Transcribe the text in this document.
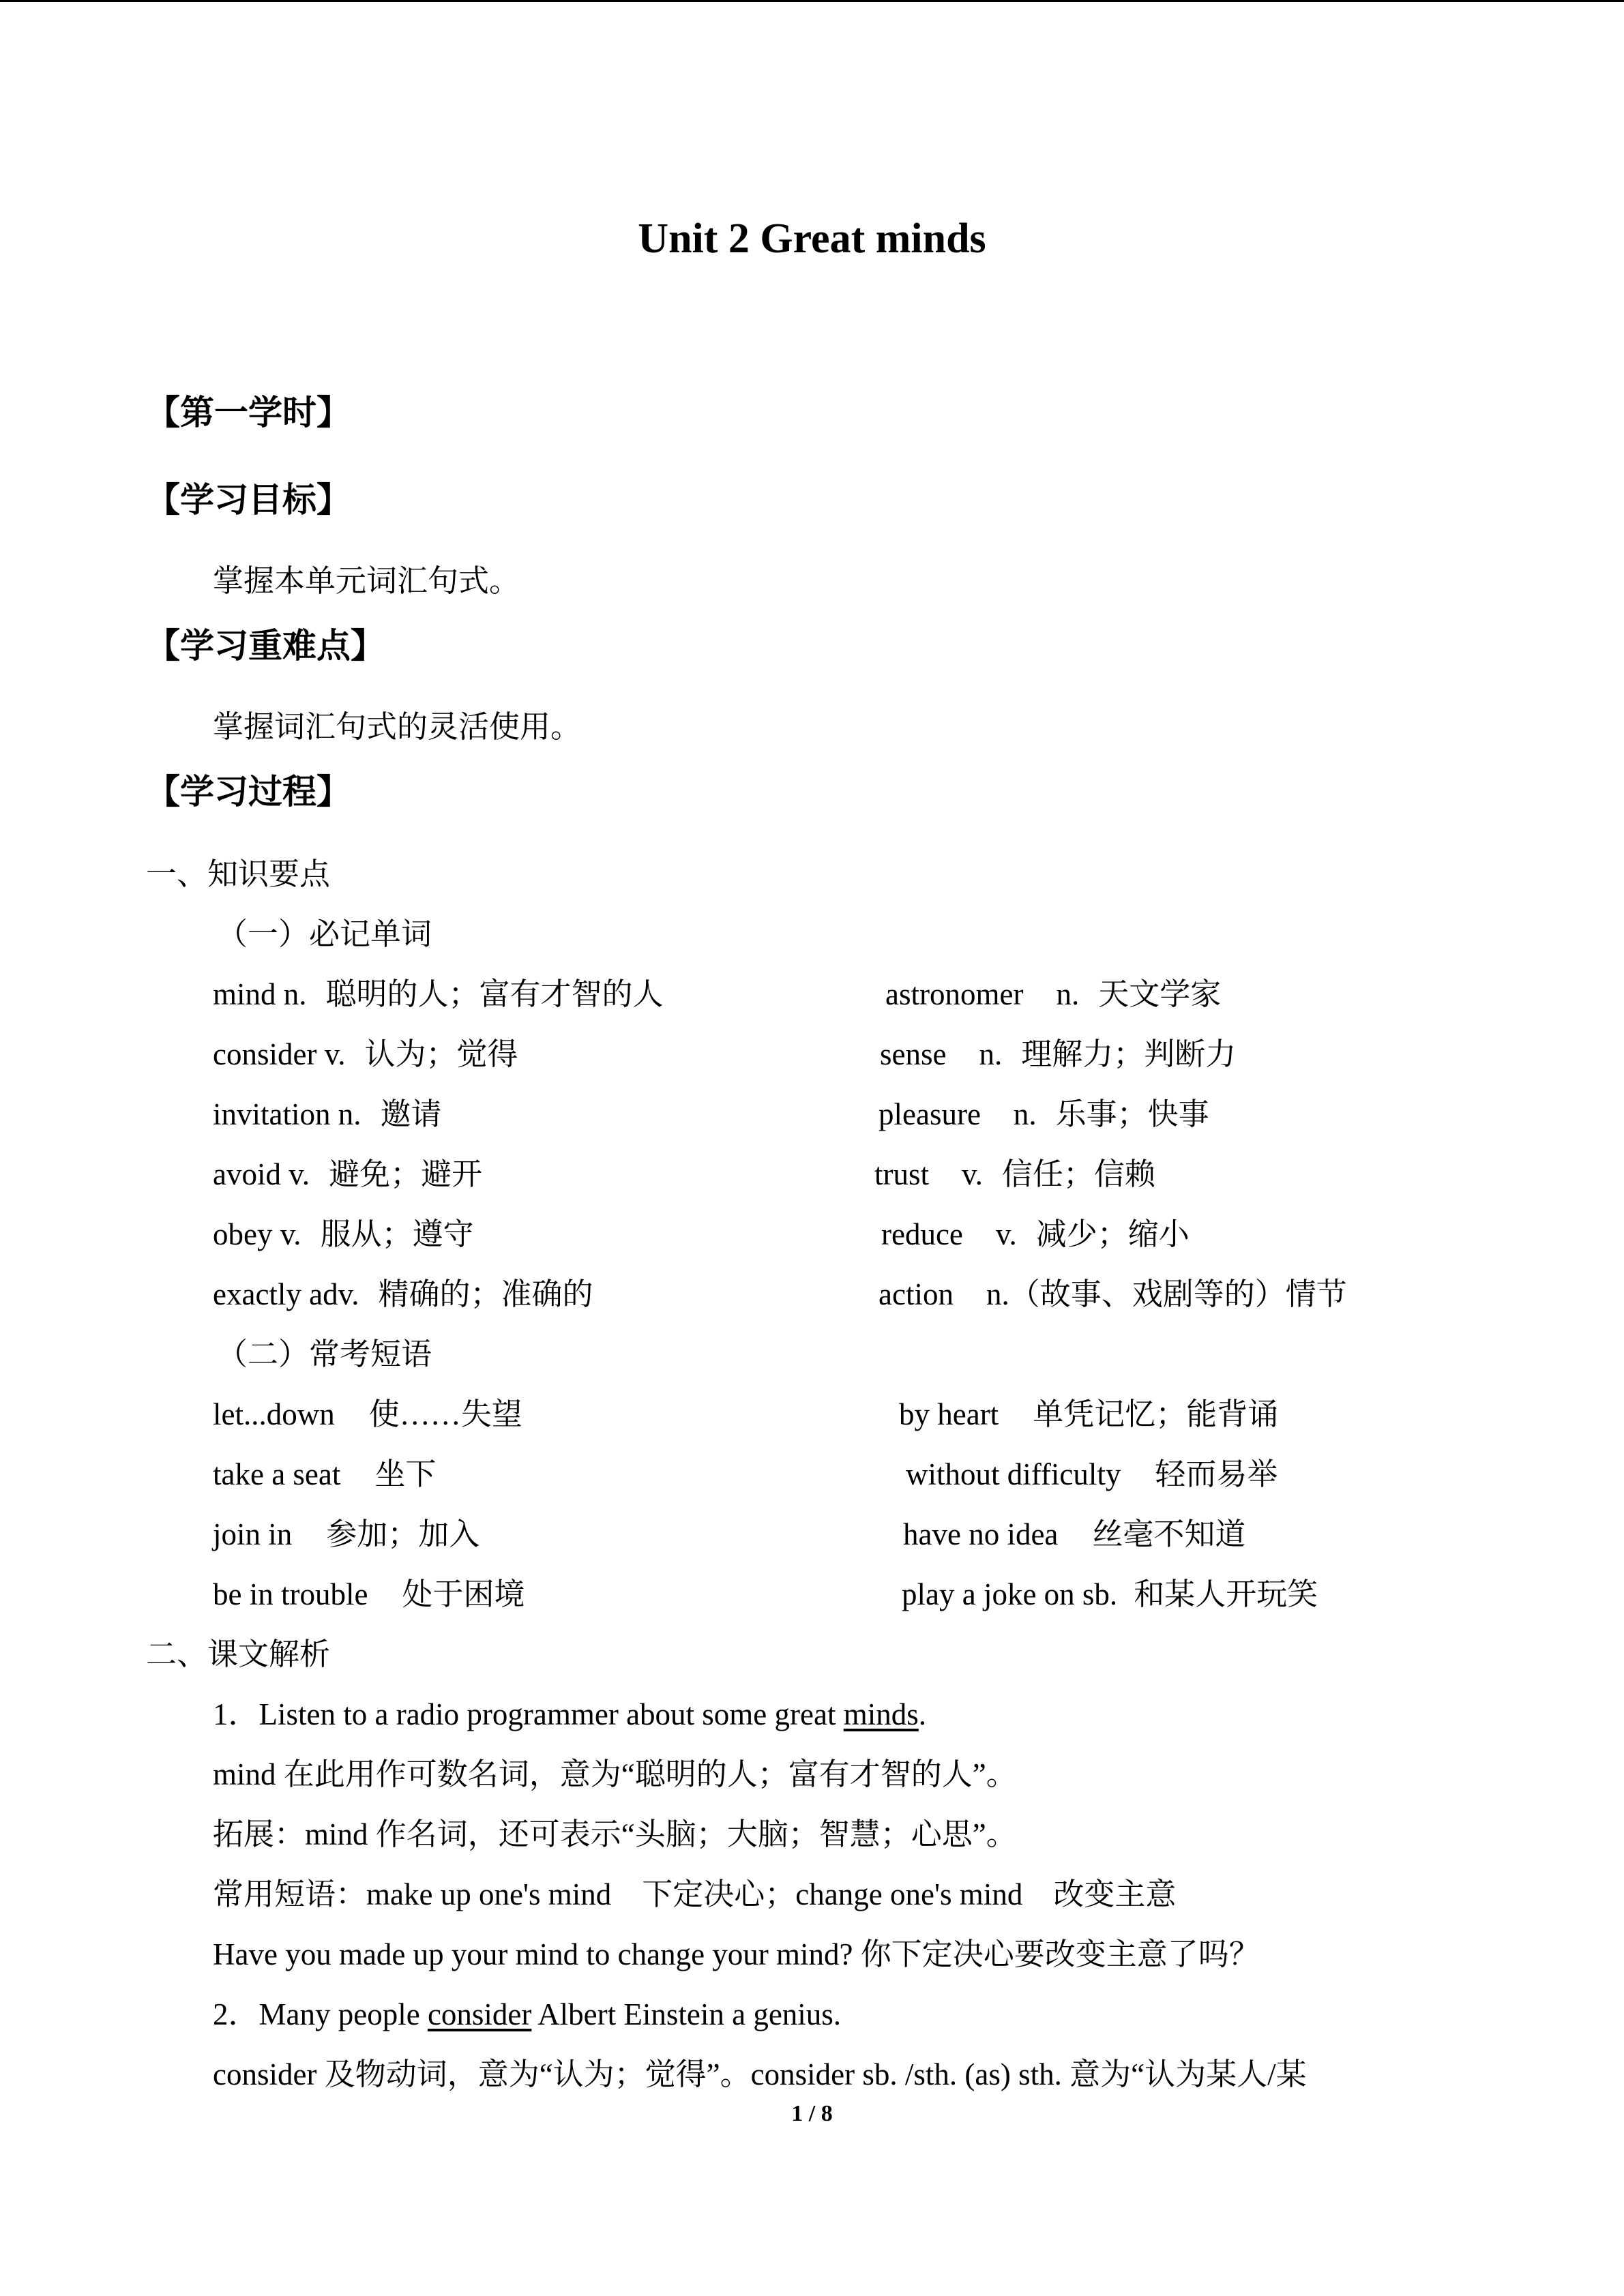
Unit 2 Great minds
【第一学时】
【学习目标】
掌握本单元词汇句式。
【学习重难点】
掌握词汇句式的灵活使用。
【学习过程】
一、知识要点
（一）必记单词
mind n. 聪明的人；富有才智的人	astronomer n. 天文学家
consider v. 认为；觉得	sense n. 理解力；判断力
invitation n. 邀请	pleasure n. 乐事；快事
avoid v. 避免；避开	trust v. 信任；信赖
obey v. 服从；遵守	reduce v. 减少；缩小
exactly adv. 精确的；准确的	action n.（故事、戏剧等的）情节
（二）常考短语
let...down 使……失望	by heart 单凭记忆；能背诵
take a seat 坐下	without difficulty 轻而易举
join in 参加；加入	have no idea 丝毫不知道
be in trouble 处于困境	play a joke on sb. 和某人开玩笑
二、课文解析
1．Listen to a radio programmer about some great minds.
mind 在此用作可数名词，意为“聪明的人；富有才智的人”。
拓展：mind 作名词，还可表示“头脑；大脑；智慧；心思”。
常用短语：make up one's mind　下定决心；change one's mind　改变主意
Have you made up your mind to change your mind? 你下定决心要改变主意了吗？
2．Many people consider Albert Einstein a genius.
consider 及物动词，意为“认为；觉得”。consider sb. /sth. (as) sth. 意为“认为某人/某
1 / 8
